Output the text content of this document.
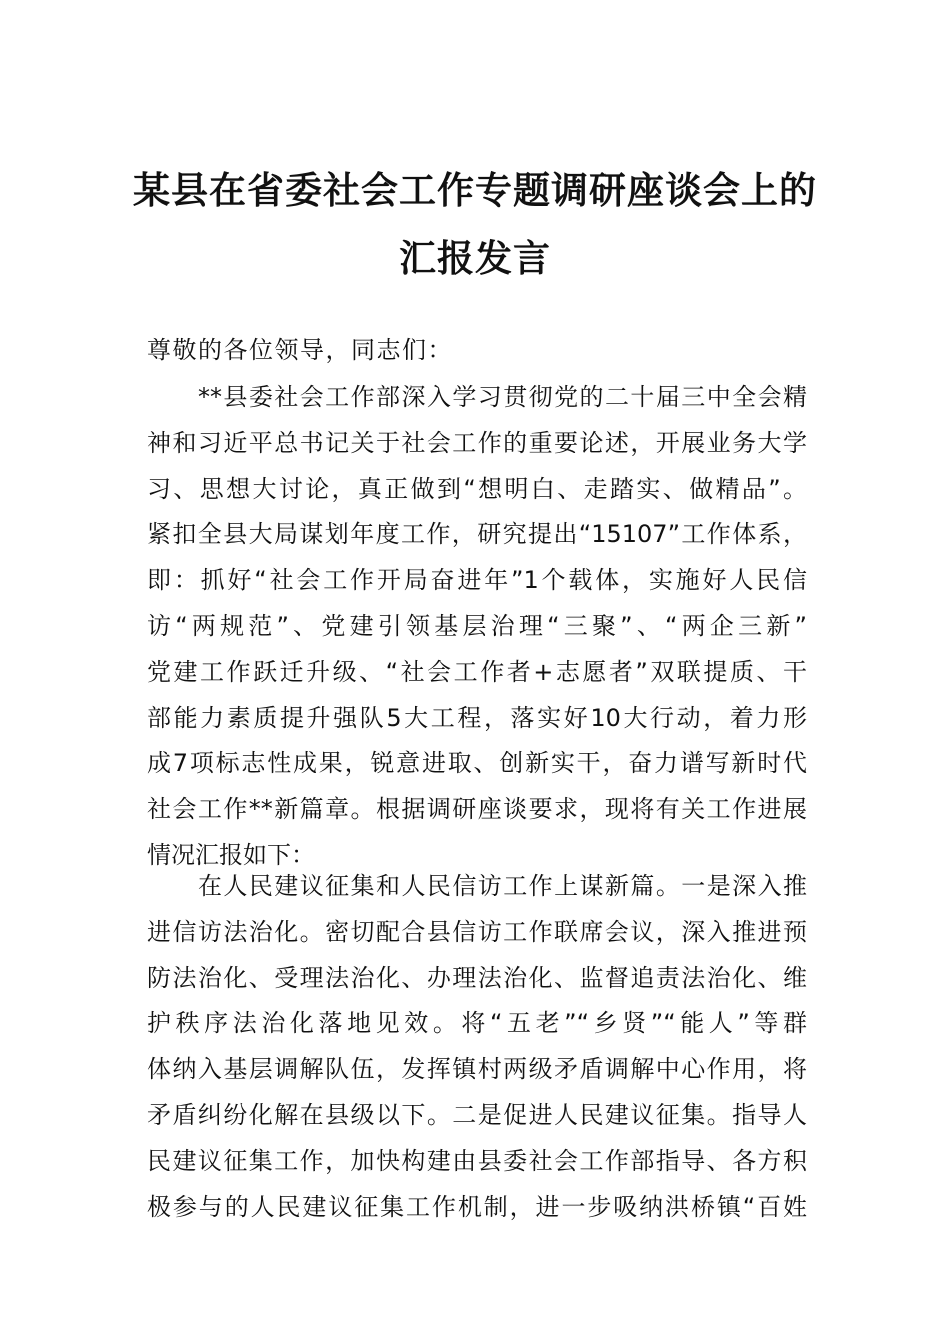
某县在省委社会工作专题调研座谈会上的
汇报发言
尊敬的各位领导，同志们：
**县委社会工作部深入学习贯彻党的二十届三中全会精
神和习近平总书记关于社会工作的重要论述，开展业务大学
习、思想大讨论，真正做到“想明白、走踏实、做精品”。
紧扣全县大局谋划年度工作，研究提出“15107”工作体系，
即：抓好“社会工作开局奋进年”1个载体，实施好人民信
访“两规范”、党建引领基层治理“三聚”、“两企三新”
党建工作跃迁升级、“社会工作者+志愿者”双联提质、干
部能力素质提升强队5大工程，落实好10大行动，着力形
成7项标志性成果，锐意进取、创新实干，奋力谱写新时代
社会工作**新篇章。根据调研座谈要求，现将有关工作进展
情况汇报如下：
在人民建议征集和人民信访工作上谋新篇。一是深入推
进信访法治化。密切配合县信访工作联席会议，深入推进预
防法治化、受理法治化、办理法治化、监督追责法治化、维
护秩序法治化落地见效。将“五老”“乡贤”“能人”等群
体纳入基层调解队伍，发挥镇村两级矛盾调解中心作用，将
矛盾纠纷化解在县级以下。二是促进人民建议征集。指导人
民建议征集工作，加快构建由县委社会工作部指导、各方积
极参与的人民建议征集工作机制，进一步吸纳洪桥镇“百姓
